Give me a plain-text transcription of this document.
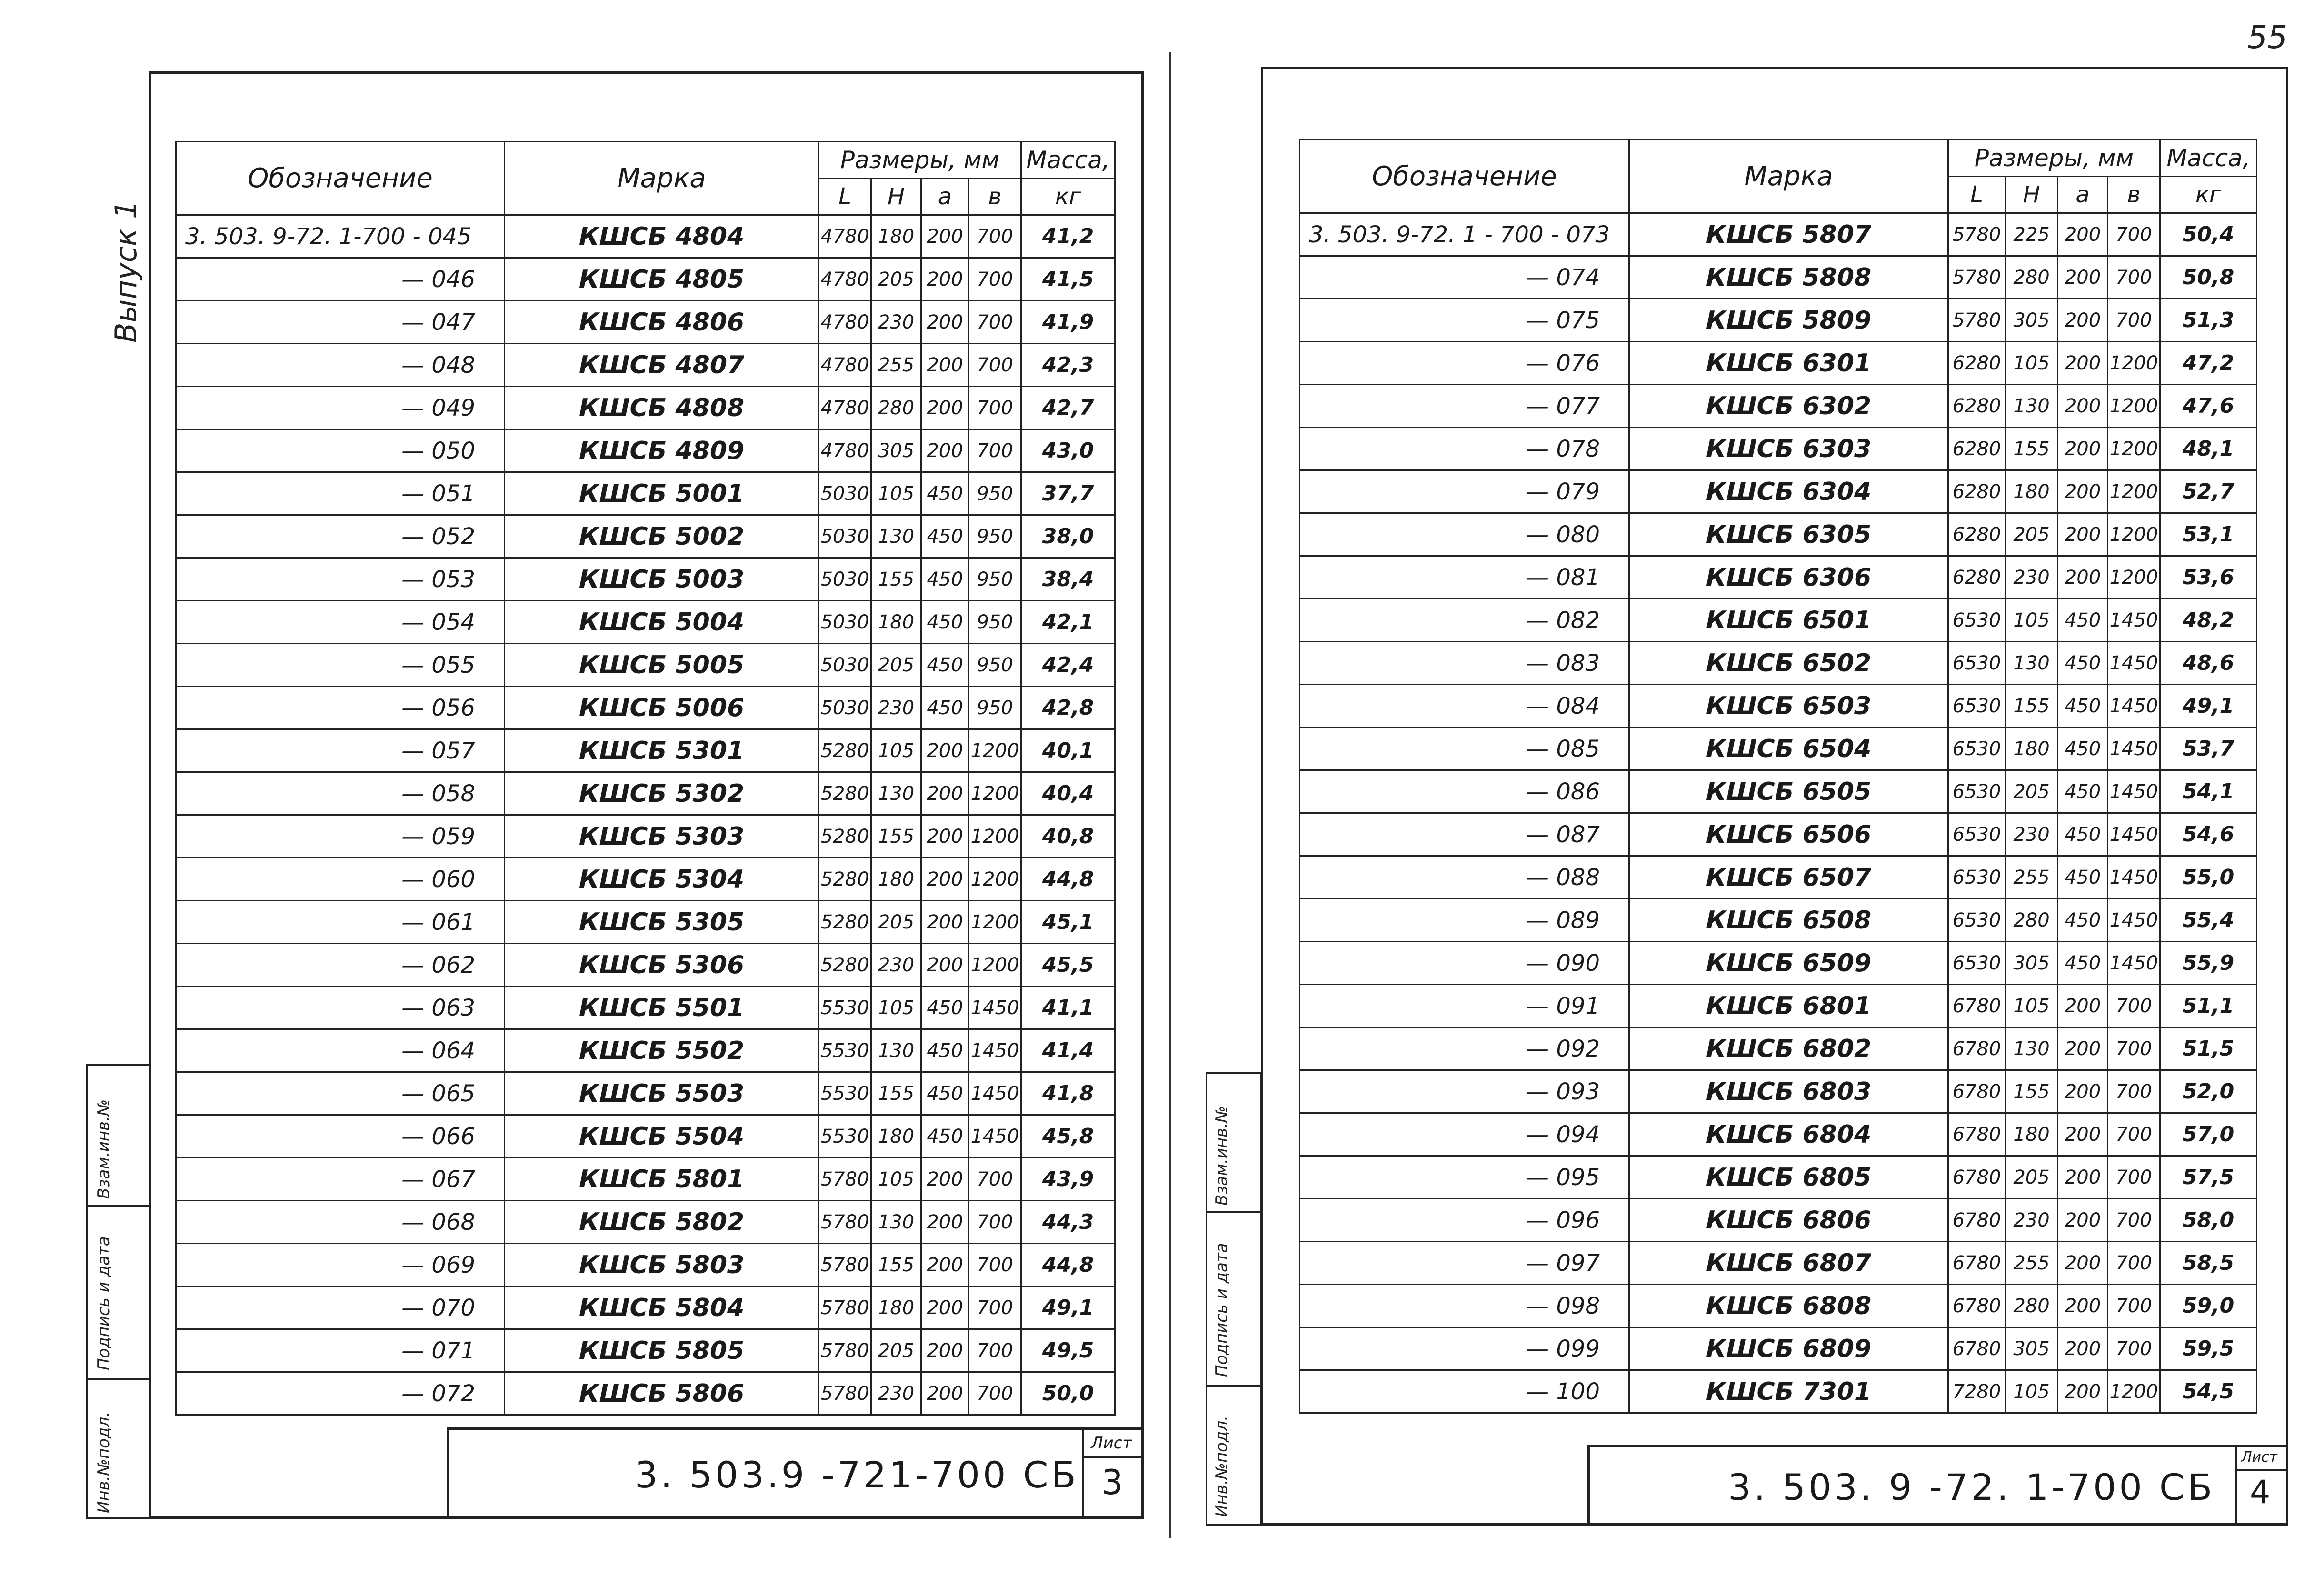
55
Выпуск 1
Инв.№подл.
Подпись и дата
Взам.инв.№
Обозначение	Марка	Размеры, мм				Масса,
		L	H	a	в	кг
3. 503. 9-72. 1-700 - 045	КШСБ 4804	4780	180	200	700	41,2
— 046	КШСБ 4805	4780	205	200	700	41,5
— 047	КШСБ 4806	4780	230	200	700	41,9
— 048	КШСБ 4807	4780	255	200	700	42,3
— 049	КШСБ 4808	4780	280	200	700	42,7
— 050	КШСБ 4809	4780	305	200	700	43,0
— 051	КШСБ 5001	5030	105	450	950	37,7
— 052	КШСБ 5002	5030	130	450	950	38,0
— 053	КШСБ 5003	5030	155	450	950	38,4
— 054	КШСБ 5004	5030	180	450	950	42,1
— 055	КШСБ 5005	5030	205	450	950	42,4
— 056	КШСБ 5006	5030	230	450	950	42,8
— 057	КШСБ 5301	5280	105	200	1200	40,1
— 058	КШСБ 5302	5280	130	200	1200	40,4
— 059	КШСБ 5303	5280	155	200	1200	40,8
— 060	КШСБ 5304	5280	180	200	1200	44,8
— 061	КШСБ 5305	5280	205	200	1200	45,1
— 062	КШСБ 5306	5280	230	200	1200	45,5
— 063	КШСБ 5501	5530	105	450	1450	41,1
— 064	КШСБ 5502	5530	130	450	1450	41,4
— 065	КШСБ 5503	5530	155	450	1450	41,8
— 066	КШСБ 5504	5530	180	450	1450	45,8
— 067	КШСБ 5801	5780	105	200	700	43,9
— 068	КШСБ 5802	5780	130	200	700	44,3
— 069	КШСБ 5803	5780	155	200	700	44,8
— 070	КШСБ 5804	5780	180	200	700	49,1
— 071	КШСБ 5805	5780	205	200	700	49,5
— 072	КШСБ 5806	5780	230	200	700	50,0
3. 503.9 -721-700 СБ
Лист
3	Инв.№подл.
Подпись и дата
Взам.инв.№
Обозначение	Марка	Размеры, мм				Масса,
		L	H	a	в	кг
3. 503. 9-72. 1 - 700 - 073	КШСБ 5807	5780	225	200	700	50,4
— 074	КШСБ 5808	5780	280	200	700	50,8
— 075	КШСБ 5809	5780	305	200	700	51,3
— 076	КШСБ 6301	6280	105	200	1200	47,2
— 077	КШСБ 6302	6280	130	200	1200	47,6
— 078	КШСБ 6303	6280	155	200	1200	48,1
— 079	КШСБ 6304	6280	180	200	1200	52,7
— 080	КШСБ 6305	6280	205	200	1200	53,1
— 081	КШСБ 6306	6280	230	200	1200	53,6
— 082	КШСБ 6501	6530	105	450	1450	48,2
— 083	КШСБ 6502	6530	130	450	1450	48,6
— 084	КШСБ 6503	6530	155	450	1450	49,1
— 085	КШСБ 6504	6530	180	450	1450	53,7
— 086	КШСБ 6505	6530	205	450	1450	54,1
— 087	КШСБ 6506	6530	230	450	1450	54,6
— 088	КШСБ 6507	6530	255	450	1450	55,0
— 089	КШСБ 6508	6530	280	450	1450	55,4
— 090	КШСБ 6509	6530	305	450	1450	55,9
— 091	КШСБ 6801	6780	105	200	700	51,1
— 092	КШСБ 6802	6780	130	200	700	51,5
— 093	КШСБ 6803	6780	155	200	700	52,0
— 094	КШСБ 6804	6780	180	200	700	57,0
— 095	КШСБ 6805	6780	205	200	700	57,5
— 096	КШСБ 6806	6780	230	200	700	58,0
— 097	КШСБ 6807	6780	255	200	700	58,5
— 098	КШСБ 6808	6780	280	200	700	59,0
— 099	КШСБ 6809	6780	305	200	700	59,5
— 100	КШСБ 7301	7280	105	200	1200	54,5
3. 503. 9 -72. 1-700 СБ
Лист
4
